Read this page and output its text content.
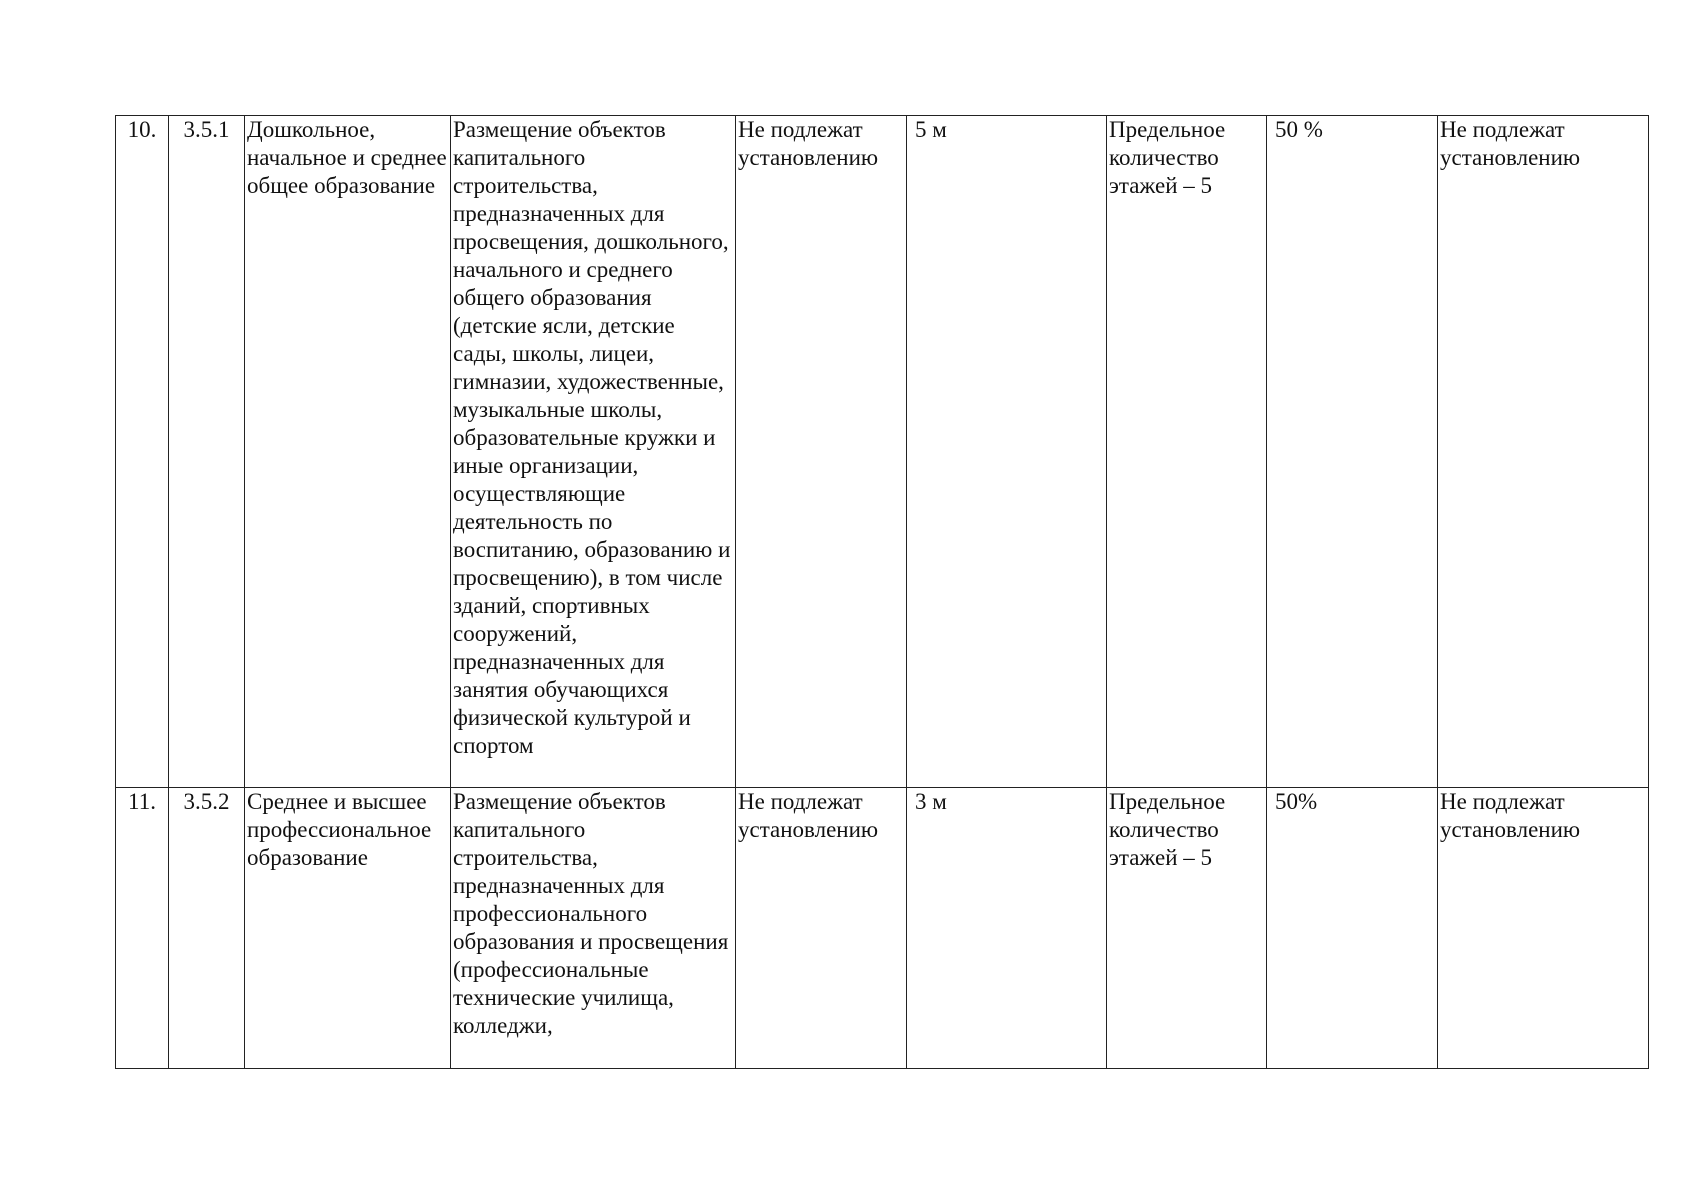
10.	3.5.1	Дошкольное, начальное и среднее общее образование	Размещение объектов капитального строительства, предназначенных для просвещения, дошкольного, начального и среднего общего образования (детские ясли, детские сады, школы, лицеи, гимназии, художественные, музыкальные школы, образовательные кружки и иные организации, осуществляющие деятельность по воспитанию, образованию и просвещению), в том числе зданий, спортивных сооружений, предназначенных для занятия обучающихся физической культурой и спортом	Не подлежат установлению	5 м	Предельное количество этажей – 5	50 %	Не подлежат установлению
11.	3.5.2	Среднее и высшее профессиональное образование	Размещение объектов капитального строительства, предназначенных для профессионального образования и просвещения (профессиональные технические училища, колледжи,	Не подлежат установлению	3 м	Предельное количество этажей – 5	50%	Не подлежат установлению
